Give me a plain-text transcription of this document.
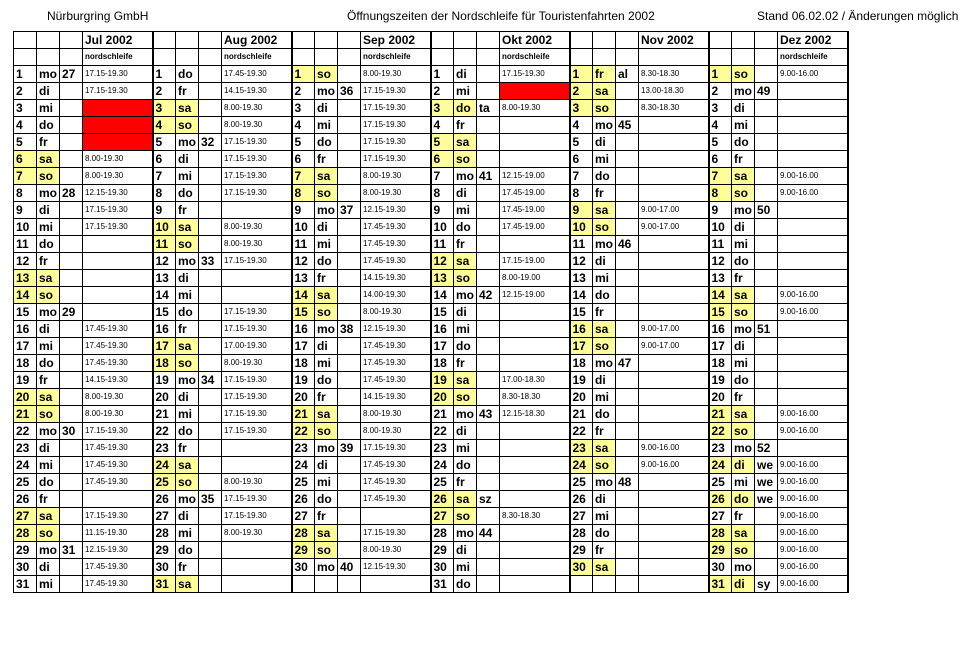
Nürburgring GmbH	Öffnungszeiten der Nordschleife für Touristenfahrten 2002	Stand 06.02.02 / Änderungen möglich
			Jul 2002				Aug 2002				Sep 2002				Okt 2002				Nov 2002				Dez 2002
			nordschleife				nordschleife				nordschleife				nordschleife								nordschleife
1	mo	27	17.15-19.30	1	do		17.45-19.30	1	so		8.00-19.30	1	di		17.15-19.30	1	fr	al	8.30-18.30	1	so		9.00-16.00
2	di		17.15-19.30	2	fr		14.15-19.30	2	mo	36	17.15-19.30	2	mi			2	sa		13.00-18.30	2	mo	49	
3	mi			3	sa		8.00-19.30	3	di		17.15-19.30	3	do	ta	8.00-19.30	3	so		8.30-18.30	3	di		
4	do			4	so		8.00-19.30	4	mi		17.15-19.30	4	fr			4	mo	45		4	mi		
5	fr			5	mo	32	17.15-19.30	5	do		17.15-19.30	5	sa			5	di			5	do		
6	sa		8.00-19.30	6	di		17.15-19.30	6	fr		17.15-19.30	6	so			6	mi			6	fr		
7	so		8.00-19.30	7	mi		17.15-19.30	7	sa		8.00-19.30	7	mo	41	12.15-19.00	7	do			7	sa		9.00-16.00
8	mo	28	12.15-19.30	8	do		17.15-19.30	8	so		8.00-19.30	8	di		17.45-19.00	8	fr			8	so		9.00-16.00
9	di		17.15-19.30	9	fr			9	mo	37	12.15-19.30	9	mi		17.45-19.00	9	sa		9.00-17.00	9	mo	50	
10	mi		17.15-19.30	10	sa		8.00-19.30	10	di		17.45-19.30	10	do		17.45-19.00	10	so		9.00-17.00	10	di		
11	do			11	so		8.00-19.30	11	mi		17.45-19.30	11	fr			11	mo	46		11	mi		
12	fr			12	mo	33	17.15-19.30	12	do		17.45-19.30	12	sa		17.15-19.00	12	di			12	do		
13	sa			13	di			13	fr		14.15-19.30	13	so		8.00-19.00	13	mi			13	fr		
14	so			14	mi			14	sa		14.00-19.30	14	mo	42	12.15-19.00	14	do			14	sa		9.00-16.00
15	mo	29		15	do		17.15-19.30	15	so		8.00-19.30	15	di			15	fr			15	so		9.00-16.00
16	di		17.45-19.30	16	fr		17.15-19.30	16	mo	38	12.15-19.30	16	mi			16	sa		9.00-17.00	16	mo	51	
17	mi		17.45-19.30	17	sa		17.00-19.30	17	di		17.45-19.30	17	do			17	so		9.00-17.00	17	di		
18	do		17.45-19.30	18	so		8.00-19.30	18	mi		17.45-19.30	18	fr			18	mo	47		18	mi		
19	fr		14.15-19.30	19	mo	34	17.15-19.30	19	do		17.45-19.30	19	sa		17.00-18.30	19	di			19	do		
20	sa		8.00-19.30	20	di		17.15-19.30	20	fr		14.15-19.30	20	so		8.30-18.30	20	mi			20	fr		
21	so		8.00-19.30	21	mi		17.15-19.30	21	sa		8.00-19.30	21	mo	43	12.15-18.30	21	do			21	sa		9.00-16.00
22	mo	30	17.15-19.30	22	do		17.15-19.30	22	so		8.00-19.30	22	di			22	fr			22	so		9.00-16.00
23	di		17.45-19.30	23	fr			23	mo	39	17.15-19.30	23	mi			23	sa		9.00-16.00	23	mo	52	
24	mi		17.45-19.30	24	sa			24	di		17.45-19.30	24	do			24	so		9.00-16.00	24	di	we	9.00-16.00
25	do		17.45-19.30	25	so		8.00-19.30	25	mi		17.45-19.30	25	fr			25	mo	48		25	mi	we	9.00-16.00
26	fr			26	mo	35	17.15-19.30	26	do		17.45-19.30	26	sa	sz		26	di			26	do	we	9.00-16.00
27	sa		17.15-19.30	27	di		17.15-19.30	27	fr			27	so		8.30-18.30	27	mi			27	fr		9.00-16.00
28	so		11.15-19.30	28	mi		8.00-19.30	28	sa		17.15-19.30	28	mo	44		28	do			28	sa		9.00-16.00
29	mo	31	12.15-19.30	29	do			29	so		8.00-19.30	29	di			29	fr			29	so		9.00-16.00
30	di		17.45-19.30	30	fr			30	mo	40	12.15-19.30	30	mi			30	sa			30	mo		9.00-16.00
31	mi		17.45-19.30	31	sa							31	do							31	di	sy	9.00-16.00
